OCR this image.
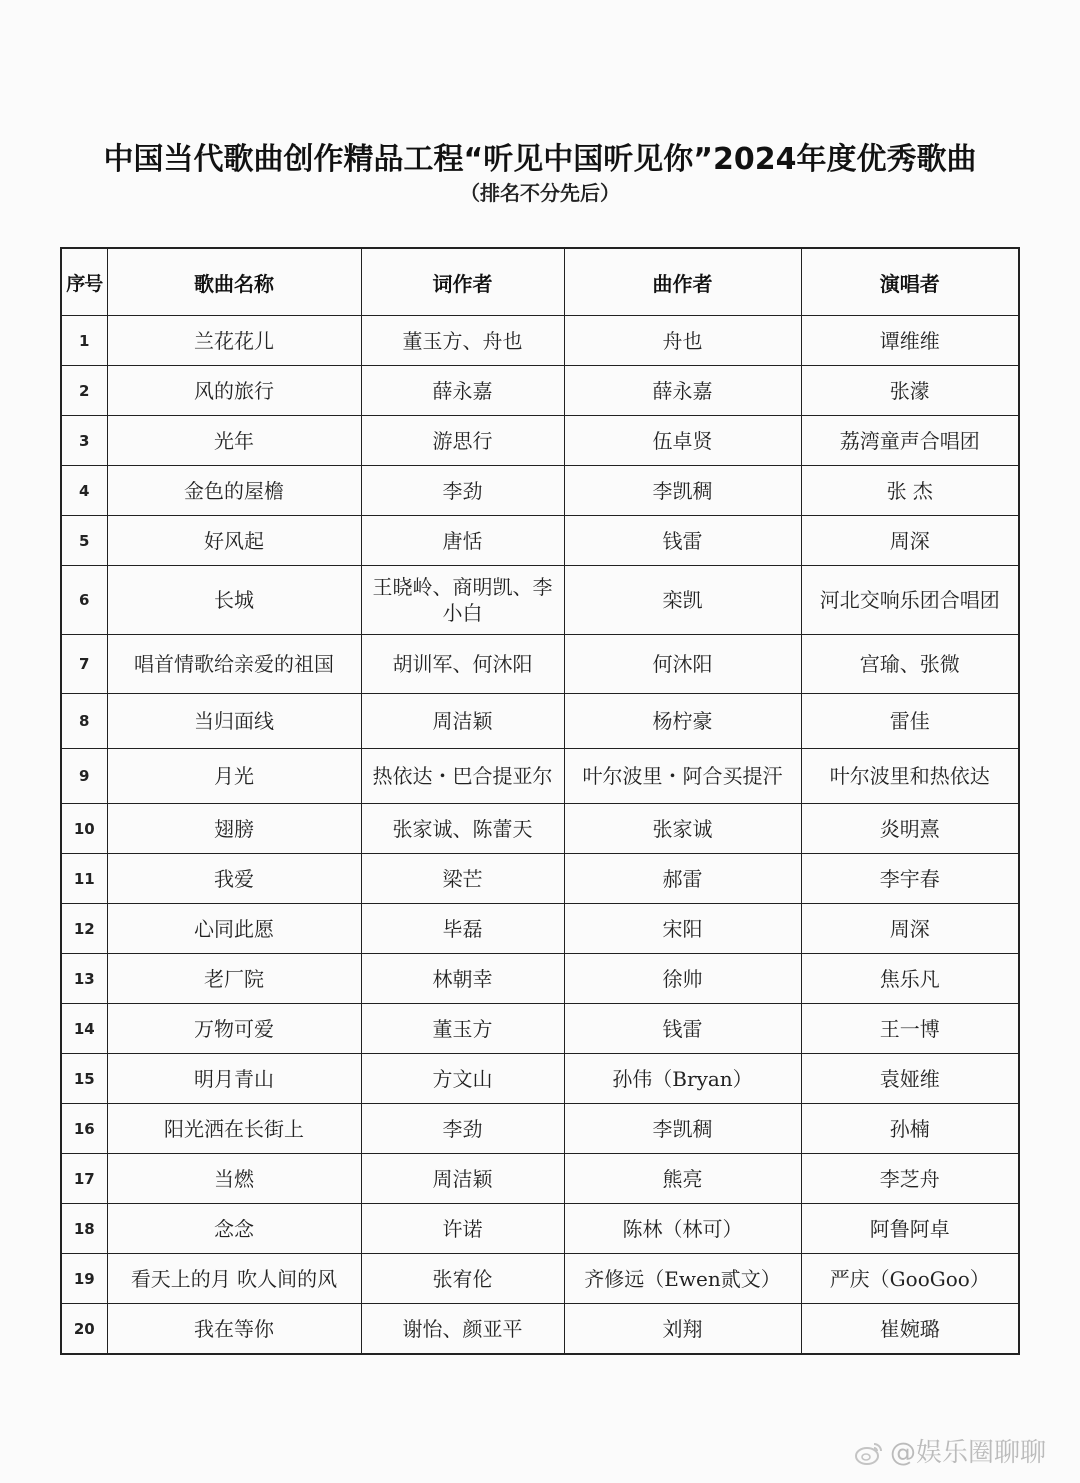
中国当代歌曲创作精品工程“听见中国听见你”2024年度优秀歌曲
（排名不分先后）
序号	歌曲名称	词作者	曲作者	演唱者
1	兰花花儿	董玉方、舟也	舟也	谭维维
2	风的旅行	薛永嘉	薛永嘉	张濛
3	光年	游思行	伍卓贤	荔湾童声合唱团
4	金色的屋檐	李劲	李凯稠	张 杰
5	好风起	唐恬	钱雷	周深
6	长城	王晓岭、商明凯、李小白	栾凯	河北交响乐团合唱团
7	唱首情歌给亲爱的祖国	胡训军、何沐阳	何沐阳	宫瑜、张微
8	当归面线	周洁颖	杨柠豪	雷佳
9	月光	热依达・巴合提亚尔	叶尔波里・阿合买提汗	叶尔波里和热依达
10	翅膀	张家诚、陈蕾天	张家诚	炎明熹
11	我爱	梁芒	郝雷	李宇春
12	心同此愿	毕磊	宋阳	周深
13	老厂院	林朝幸	徐帅	焦乐凡
14	万物可爱	董玉方	钱雷	王一博
15	明月青山	方文山	孙伟（Bryan）	袁娅维
16	阳光洒在长街上	李劲	李凯稠	孙楠
17	当燃	周洁颖	熊亮	李芝舟
18	念念	许诺	陈林（林可）	阿鲁阿卓
19	看天上的月 吹人间的风	张宥伦	齐修远（Ewen贰文）	严庆（GooGoo）
20	我在等你	谢怡、颜亚平	刘翔	崔婉璐
@娱乐圈聊聊
